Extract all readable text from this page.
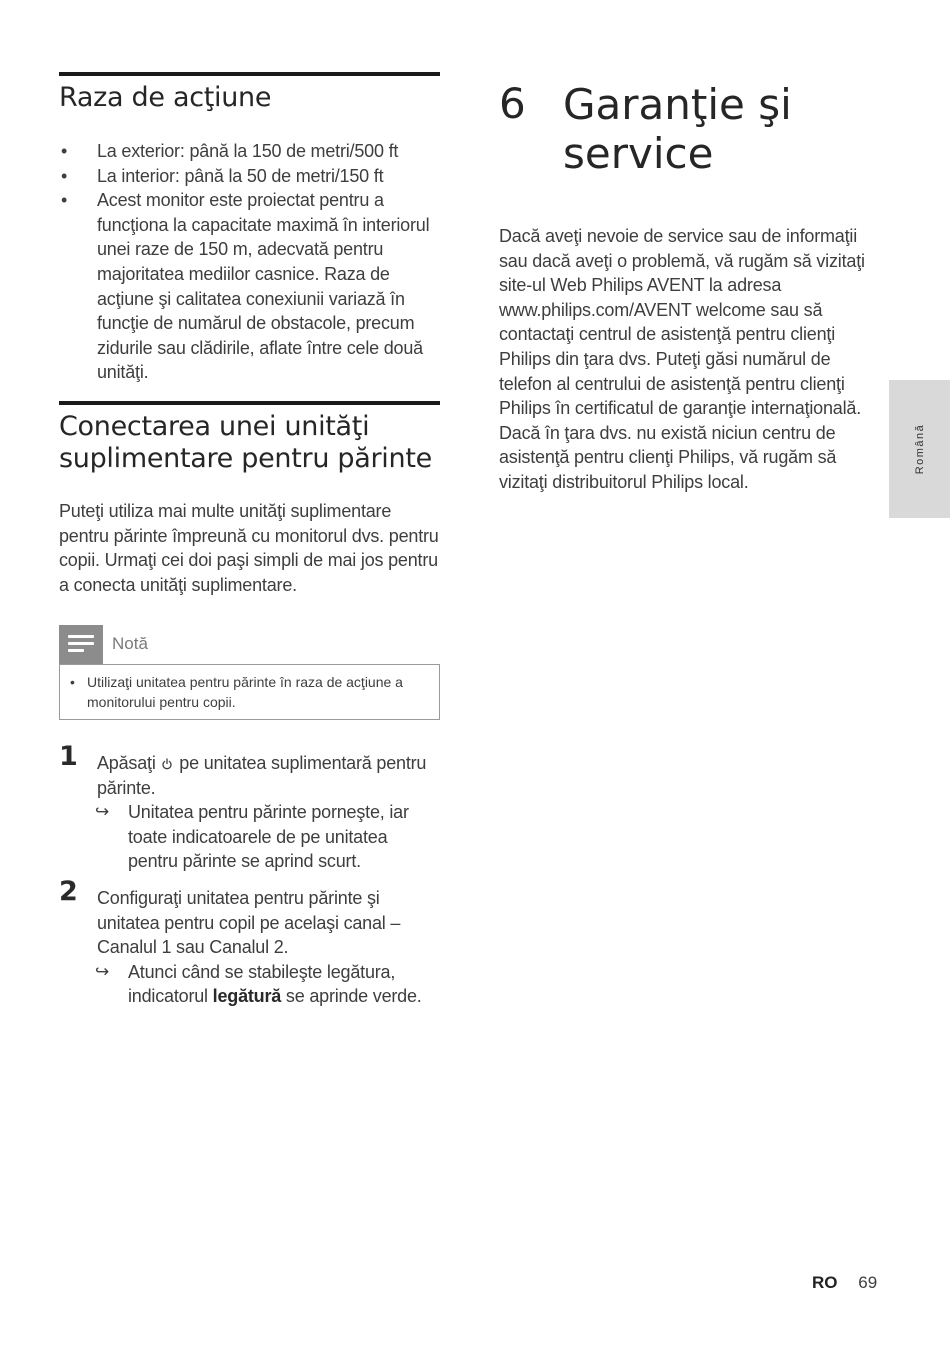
Raza de acţiune
• La exterior: până la 150 de metri/500 ft
• La interior: până la 50 de metri/150 ft
• Acest monitor este proiectat pentru a funcţiona la capacitate maximă în interiorul unei raze de 150 m, adecvată pentru majoritatea mediilor casnice. Raza de acţiune şi calitatea conexiunii variază în funcţie de numărul de obstacole, precum zidurile sau clădirile, aflate între cele două unităţi.
Conectarea unei unităţi suplimentare pentru părinte
Puteţi utiliza mai multe unităţi suplimentare pentru părinte împreună cu monitorul dvs. pentru copii. Urmaţi cei doi paşi simpli de mai jos pentru a conecta unităţi suplimentare.
Notă
• Utilizaţi unitatea pentru părinte în raza de acţiune a monitorului pentru copii.
1 Apăsaţi pe unitatea suplimentară pentru părinte.
↪ Unitatea pentru părinte porneşte, iar toate indicatoarele de pe unitatea pentru părinte se aprind scurt.
2 Configuraţi unitatea pentru părinte şi unitatea pentru copil pe acelaşi canal – Canalul 1 sau Canalul 2.
↪ Atunci când se stabileşte legătura, indicatorul legătură se aprinde verde.
6 Garanţie şi service
Dacă aveţi nevoie de service sau de informaţii sau dacă aveţi o problemă, vă rugăm să vizitaţi site-ul Web Philips AVENT la adresa www.philips.com/AVENT welcome sau să contactaţi centrul de asistenţă pentru clienţi Philips din ţara dvs. Puteţi găsi numărul de telefon al centrului de asistenţă pentru clienţi Philips în certificatul de garanţie internaţională. Dacă în ţara dvs. nu există niciun centru de asistenţă pentru clienţi Philips, vă rugăm să vizitaţi distribuitorul Philips local.
Română
RO 69
